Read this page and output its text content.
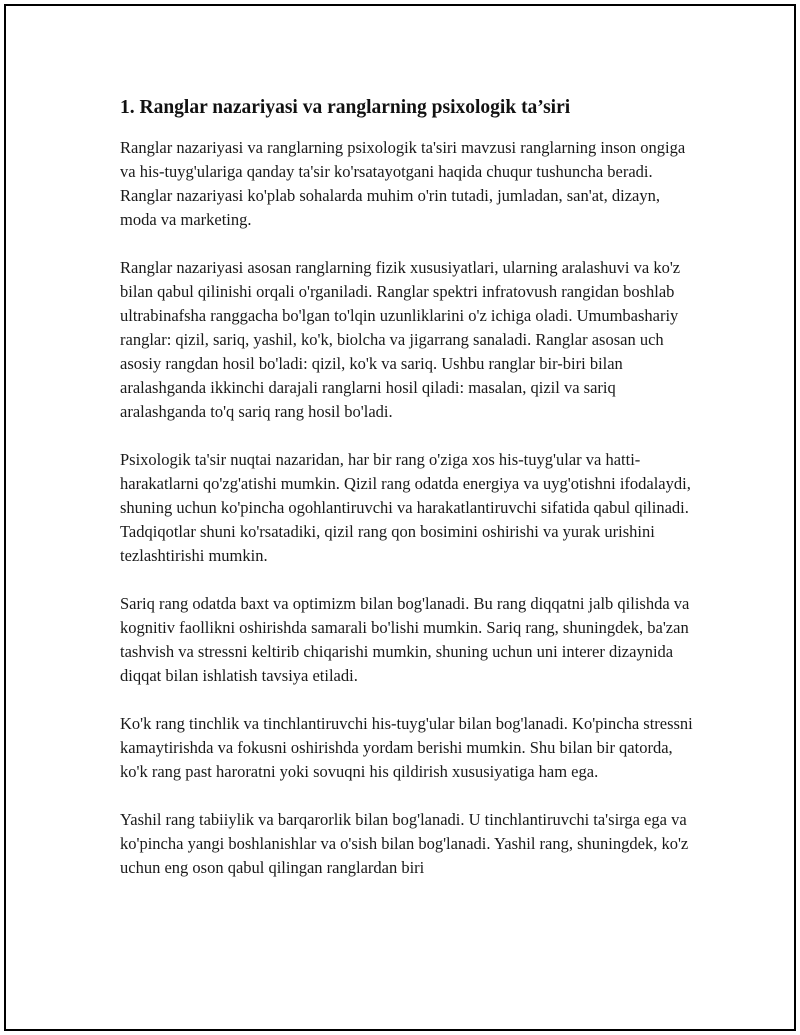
1. Ranglar nazariyasi va ranglarning psixologik ta’siri

Ranglar nazariyasi va ranglarning psixologik ta'siri mavzusi ranglarning inson ongiga va his-tuyg'ulariga qanday ta'sir ko'rsatayotgani haqida chuqur tushuncha beradi. Ranglar nazariyasi ko'plab sohalarda muhim o'rin tutadi, jumladan, san'at, dizayn, moda va marketing.

Ranglar nazariyasi asosan ranglarning fizik xususiyatlari, ularning aralashuvi va ko'z bilan qabul qilinishi orqali o'rganiladi. Ranglar spektri infratovush rangidan boshlab ultrabinafsha ranggacha bo'lgan to'lqin uzunliklarini o'z ichiga oladi. Umumbashariy ranglar: qizil, sariq, yashil, ko'k, biolcha va jigarrang sanaladi. Ranglar asosan uch asosiy rangdan hosil bo'ladi: qizil, ko'k va sariq. Ushbu ranglar bir-biri bilan aralashganda ikkinchi darajali ranglarni hosil qiladi: masalan, qizil va sariq aralashganda to'q sariq rang hosil bo'ladi.

Psixologik ta'sir nuqtai nazaridan, har bir rang o'ziga xos his-tuyg'ular va hatti-harakatlarni qo'zg'atishi mumkin. Qizil rang odatda energiya va uyg'otishni ifodalaydi, shuning uchun ko'pincha ogohlantiruvchi va harakatlantiruvchi sifatida qabul qilinadi. Tadqiqotlar shuni ko'rsatadiki, qizil rang qon bosimini oshirishi va yurak urishini tezlashtirishi mumkin.

Sariq rang odatda baxt va optimizm bilan bog'lanadi. Bu rang diqqatni jalb qilishda va kognitiv faollikni oshirishda samarali bo'lishi mumkin. Sariq rang, shuningdek, ba'zan tashvish va stressni keltirib chiqarishi mumkin, shuning uchun uni interer dizaynida diqqat bilan ishlatish tavsiya etiladi.

Ko'k rang tinchlik va tinchlantiruvchi his-tuyg'ular bilan bog'lanadi. Ko'pincha stressni kamaytirishda va fokusni oshirishda yordam berishi mumkin. Shu bilan bir qatorda, ko'k rang past haroratni yoki sovuqni his qildirish xususiyatiga ham ega.

Yashil rang tabiiylik va barqarorlik bilan bog'lanadi. U tinchlantiruvchi ta'sirga ega va ko'pincha yangi boshlanishlar va o'sish bilan bog'lanadi. Yashil rang, shuningdek, ko'z uchun eng oson qabul qilingan ranglardan biri
